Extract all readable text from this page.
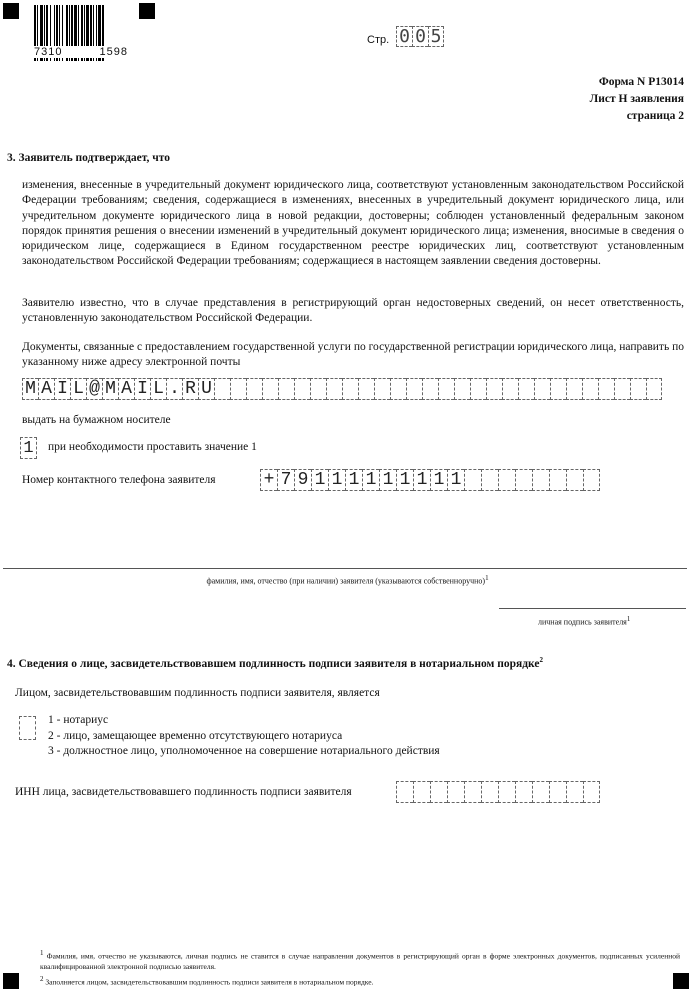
7310	1598
Стр. 0 0 5
Форма N Р13014
Лист Н заявления
страница 2
3. Заявитель подтверждает, что
изменения, внесенные в учредительный документ юридического лица, соответствуют установленным законодательством Российской Федерации требованиям; сведения, содержащиеся в изменениях, внесенных в учредительный документ юридического лица, или учредительном документе юридического лица в новой редакции, достоверны; соблюден установленный федеральным законом порядок принятия решения о внесении изменений в учредительный документ юридического лица; изменения, вносимые в сведения о юридическом лице, содержащиеся в Едином государственном реестре юридических лиц, соответствуют установленным законодательством Российской Федерации требованиям; содержащиеся в настоящем заявлении сведения достоверны.
Заявителю известно, что в случае представления в регистрирующий орган недостоверных сведений, он несет ответственность, установленную законодательством Российской Федерации.
Документы, связанные с предоставлением государственной услуги по государственной регистрации юридического лица, направить по указанному ниже адресу электронной почты
M A I L @ M A I L . R U
выдать на бумажном носителе
1 при необходимости проставить значение 1
Номер контактного телефона заявителя	+ 7 9 1 1 1 1 1 1 1 1 1
фамилия, имя, отчество (при наличии) заявителя (указываются собственноручно)$^1$
личная подпись заявителя$^1$
4. Сведения о лице, засвидетельствовавшем подлинность подписи заявителя в нотариальном порядке$^2$
Лицом, засвидетельствовавшим подлинность подписи заявителя, является
1 - нотариус
2 - лицо, замещающее временно отсутствующего нотариуса
3 - должностное лицо, уполномоченное на совершение нотариального действия
ИНН лица, засвидетельствовавшего подлинность подписи заявителя

$^1$ Фамилия, имя, отчество не указываются, личная подпись не ставится в случае направления документов в регистрирующий орган в форме электронных документов, подписанных усиленной квалифицированной электронной подписью заявителя.

$^2$ Заполняется лицом, засвидетельствовавшим подлинность подписи заявителя в нотариальном порядке.
